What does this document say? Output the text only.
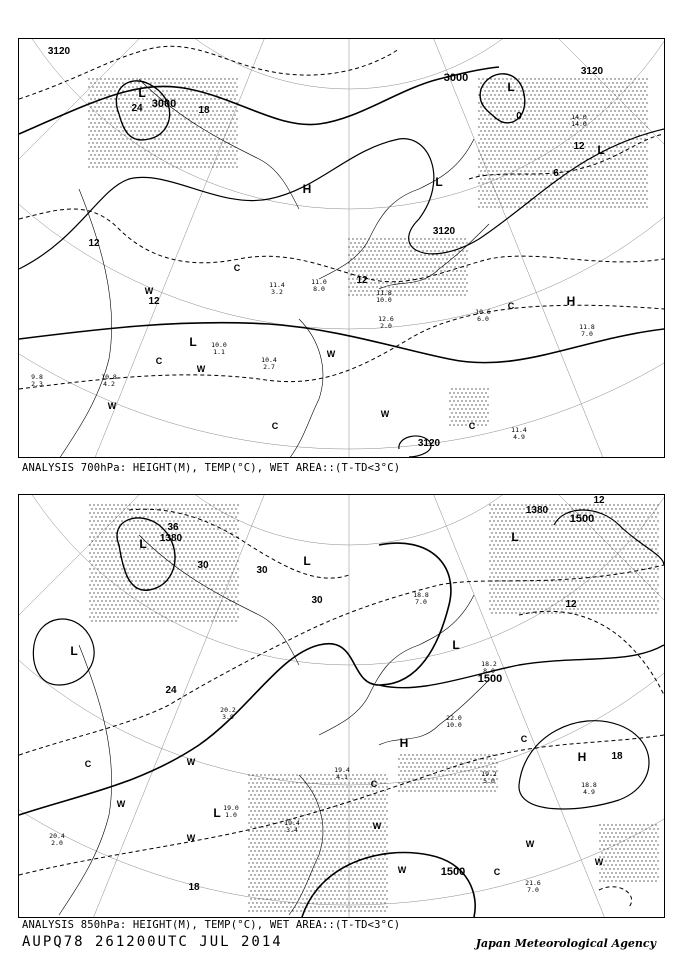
3120
3000
3000
3120
3120
3120
24	18
12
12
12
12
6
0
L	L
L
L
L
H
H
W
W
W
W
W
C
C
C
C
C
14.0
14.0
10.6
6.0
11.8
7.0
11.4
4.9
10.8
4.2
10.0
1.1
12.6
2.0
11.8
10.0
10.4
2.7
9.8
2.3
11.4
3.2
11.0
8.0
ANALYSIS 700hPa: HEIGHT(M), TEMP(°C), WET AREA::(T-TD<3°C)
1380
1380
1500
1500
1500
36
30	30
30
24
18
18
12
12
L
L
L
L
L
L
H
H
W
W
W
W
W
W
W
C
C
C
C
19.2
5.0	18.8
4.9
21.6
7.0
20.4
2.0
19.0
1.0
22.0
10.0
20.2
3.9
19.4
4.1
19.4
3.4
18.8
7.0
18.2
8.0
ANALYSIS 850hPa: HEIGHT(M), TEMP(°C), WET AREA::(T-TD<3°C)
AUPQ78 261200UTC JUL 2014	Japan Meteorological Agency
